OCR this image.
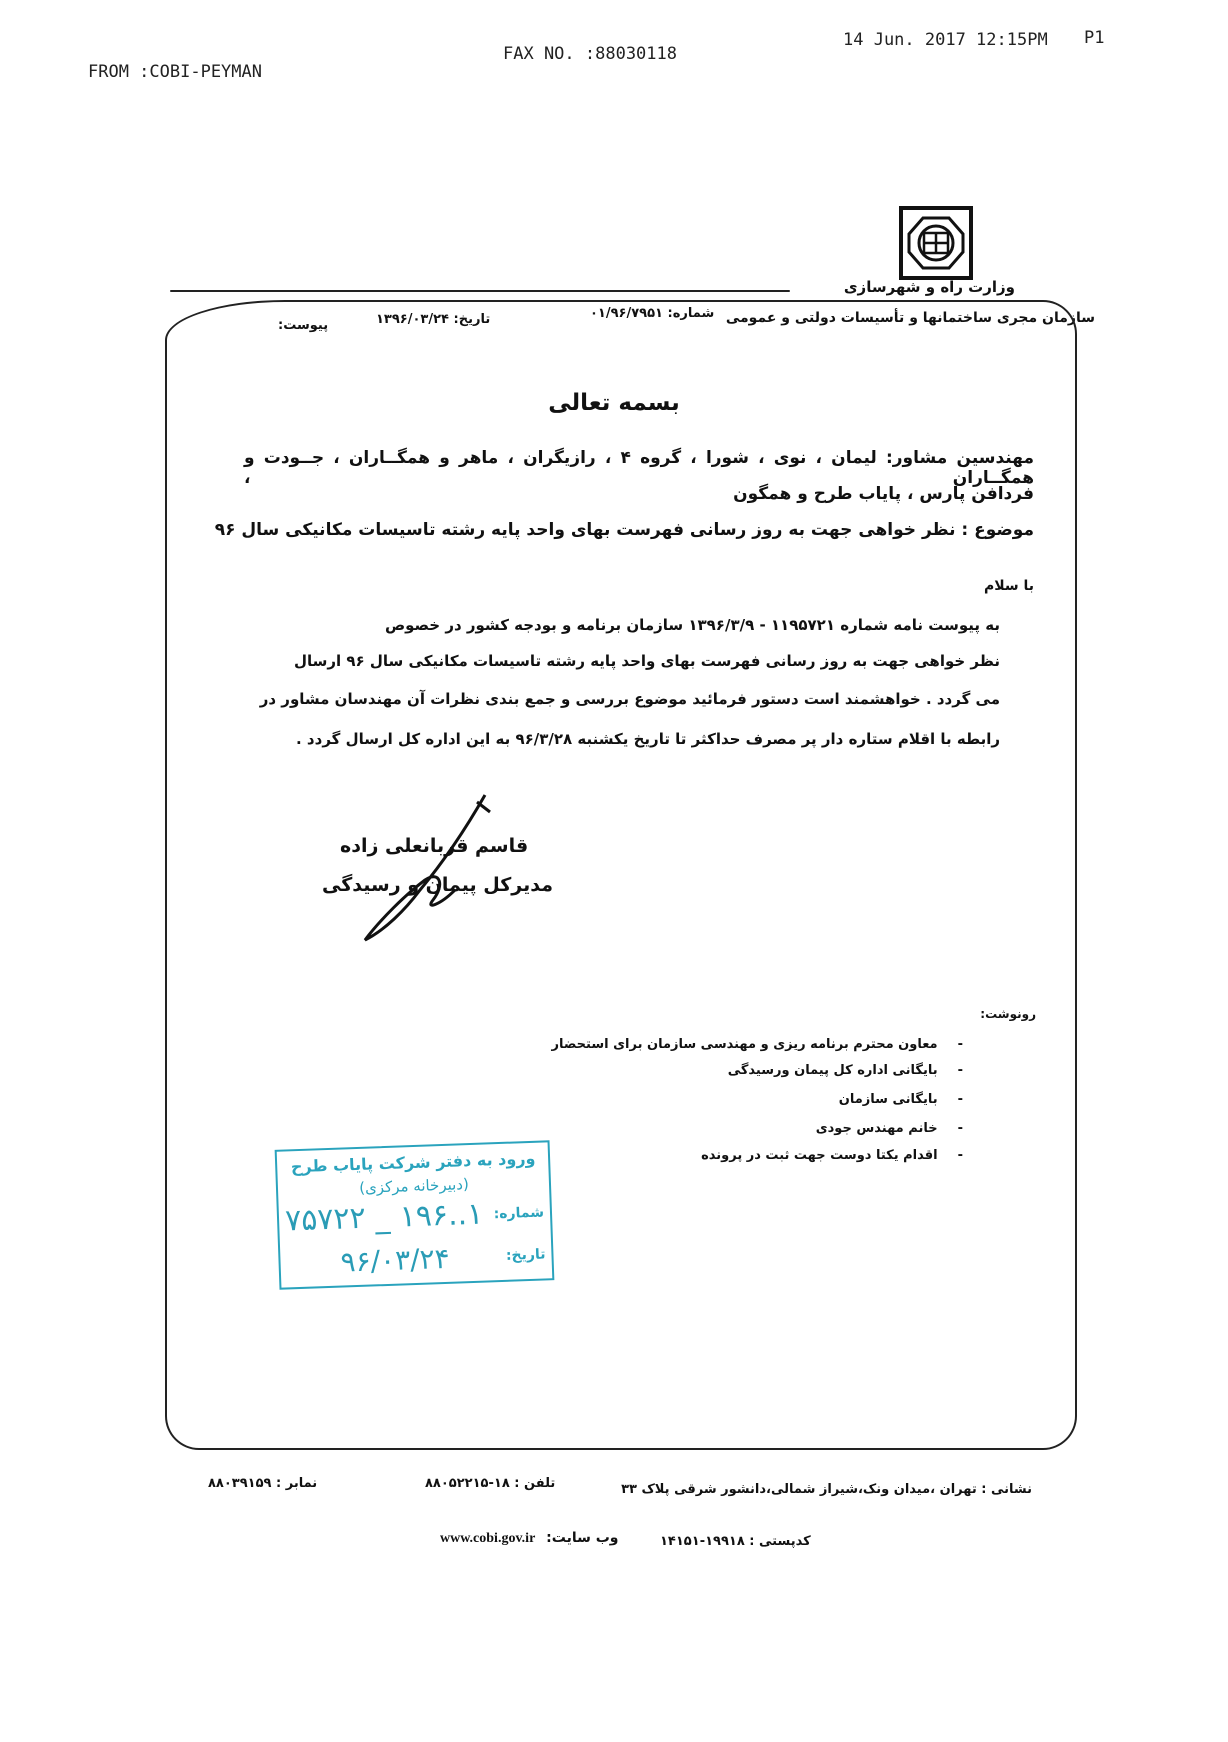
FROM :COBI-PEYMAN
FAX NO. :88030118
14 Jun. 2017 12:15PM P1
وزارت راه و شهرسازی
سازمان مجری ساختمانها و تأسیسات دولتی و عمومی
شماره: ۰۱/۹۶/۷۹۵۱
تاریخ: ۱۳۹۶/۰۳/۲۴
پیوست:
بسمه تعالی
مهندسین مشاور: لیمان ، نوی ، شورا ، گروه ۴ ، رازیگران ، ماهر و همگــاران ، جــودت و همگــاران ،
فردافن پارس ، پایاب طرح و همگون
موضوع : نظر خواهی جهت به روز رسانی فهرست بهای واحد پایه رشته تاسیسات مکانیکی سال ۹۶
با سلام
به پیوست نامه شماره ۱۱۹۵۷۲۱ - ۱۳۹۶/۳/۹ سازمان برنامه و بودجه کشور در خصوص
نظر خواهی جهت به روز رسانی فهرست بهای واحد پایه رشته تاسیسات مکانیکی سال ۹۶ ارسال
می گردد . خواهشمند است دستور فرمائید موضوع بررسی و جمع بندی نظرات آن مهندسان مشاور در
رابطه با اقلام ستاره دار پر مصرف حداکثر تا تاریخ یکشنبه ۹۶/۳/۲۸ به این اداره کل ارسال گردد .
قاسم قربانعلی زاده
مدیرکل پیمان و رسیدگی
رونوشت:
-معاون محترم برنامه ریزی و مهندسی سازمان برای استحضار
-بایگانی اداره کل پیمان ورسیدگی
-بایگانی سازمان
-خانم مهندس جودی
-اقدام یکتا دوست جهت ثبت در پرونده
ورود به دفتر شرکت پایاب طرح
(دبیرخانه مرکزی)
شماره:
۱..۱۹۶ _ ۷۵۷۲۲
تاریخ:
۹۶/۰۳/۲۴
نشانی : تهران ،میدان ونک،شیراز شمالی،دانشور شرقی پلاک ۳۳
تلفن : ۱۸-۸۸۰۵۲۲۱۵
نمابر : ۸۸۰۳۹۱۵۹
کدپستی : ۱۹۹۱۸-۱۴۱۵۱
www.cobi.gov.ir وب سایت:
